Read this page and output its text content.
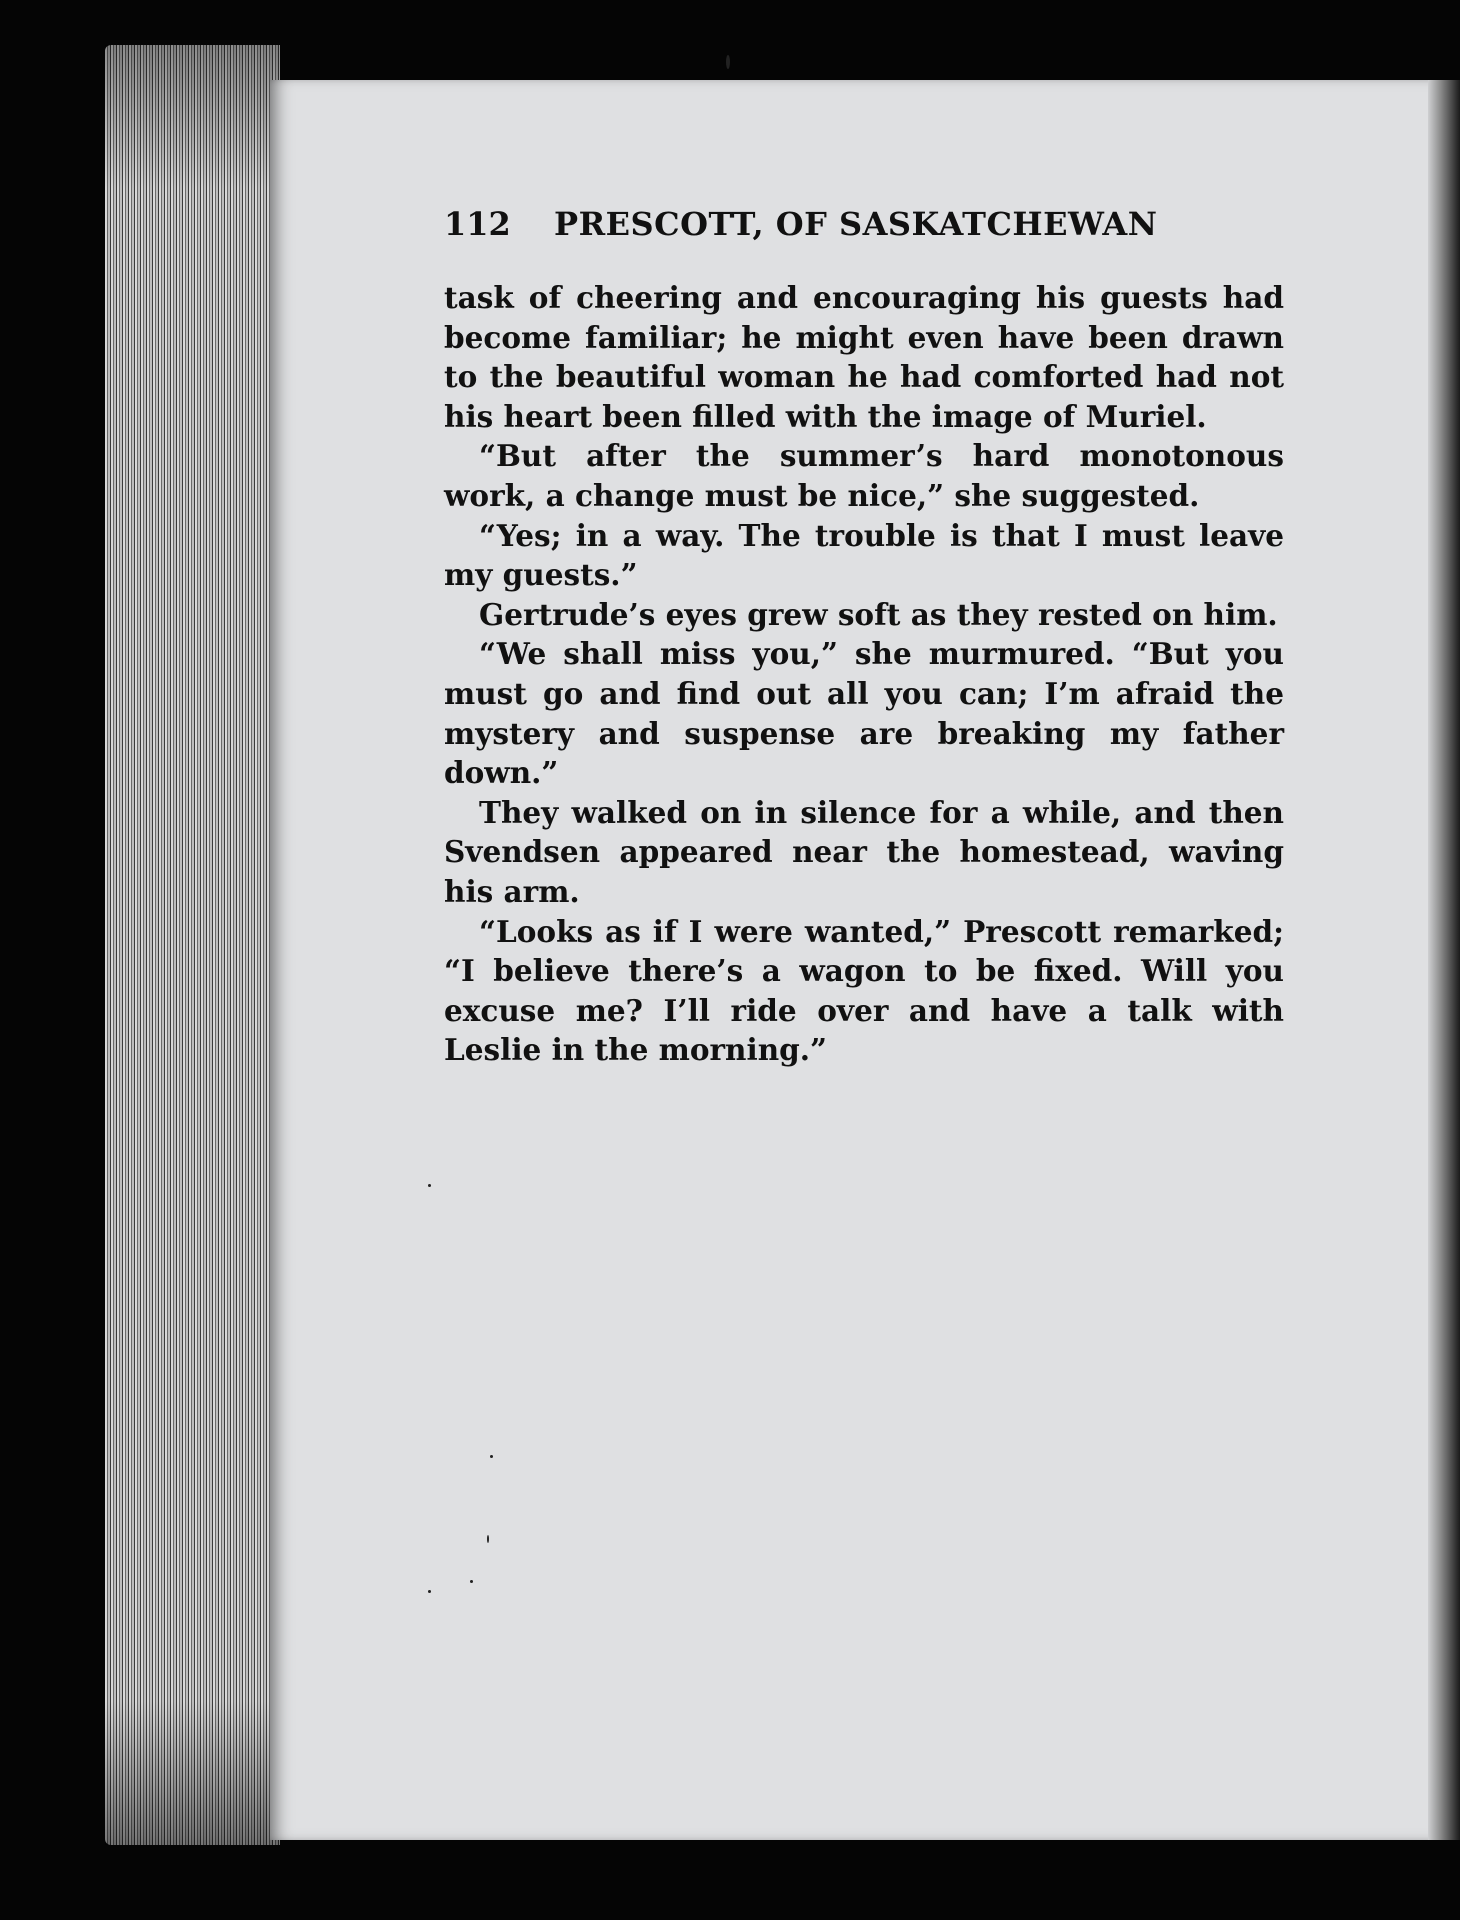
112 PRESCOTT, OF SASKATCHEWAN

task of cheering and encouraging his guests had become familiar; he might even have been drawn to the beautiful woman he had comforted had not his heart been filled with the image of Muriel.

“But after the summer’s hard monotonous work, a change must be nice,” she suggested.

“Yes; in a way. The trouble is that I must leave my guests.”

Gertrude’s eyes grew soft as they rested on him.

“We shall miss you,” she murmured. “But you must go and find out all you can; I’m afraid the mystery and suspense are breaking my father down.”

They walked on in silence for a while, and then Svendsen appeared near the homestead, waving his arm.

“Looks as if I were wanted,” Prescott remarked; “I believe there’s a wagon to be fixed. Will you excuse me? I’ll ride over and have a talk with Leslie in the morning.”
